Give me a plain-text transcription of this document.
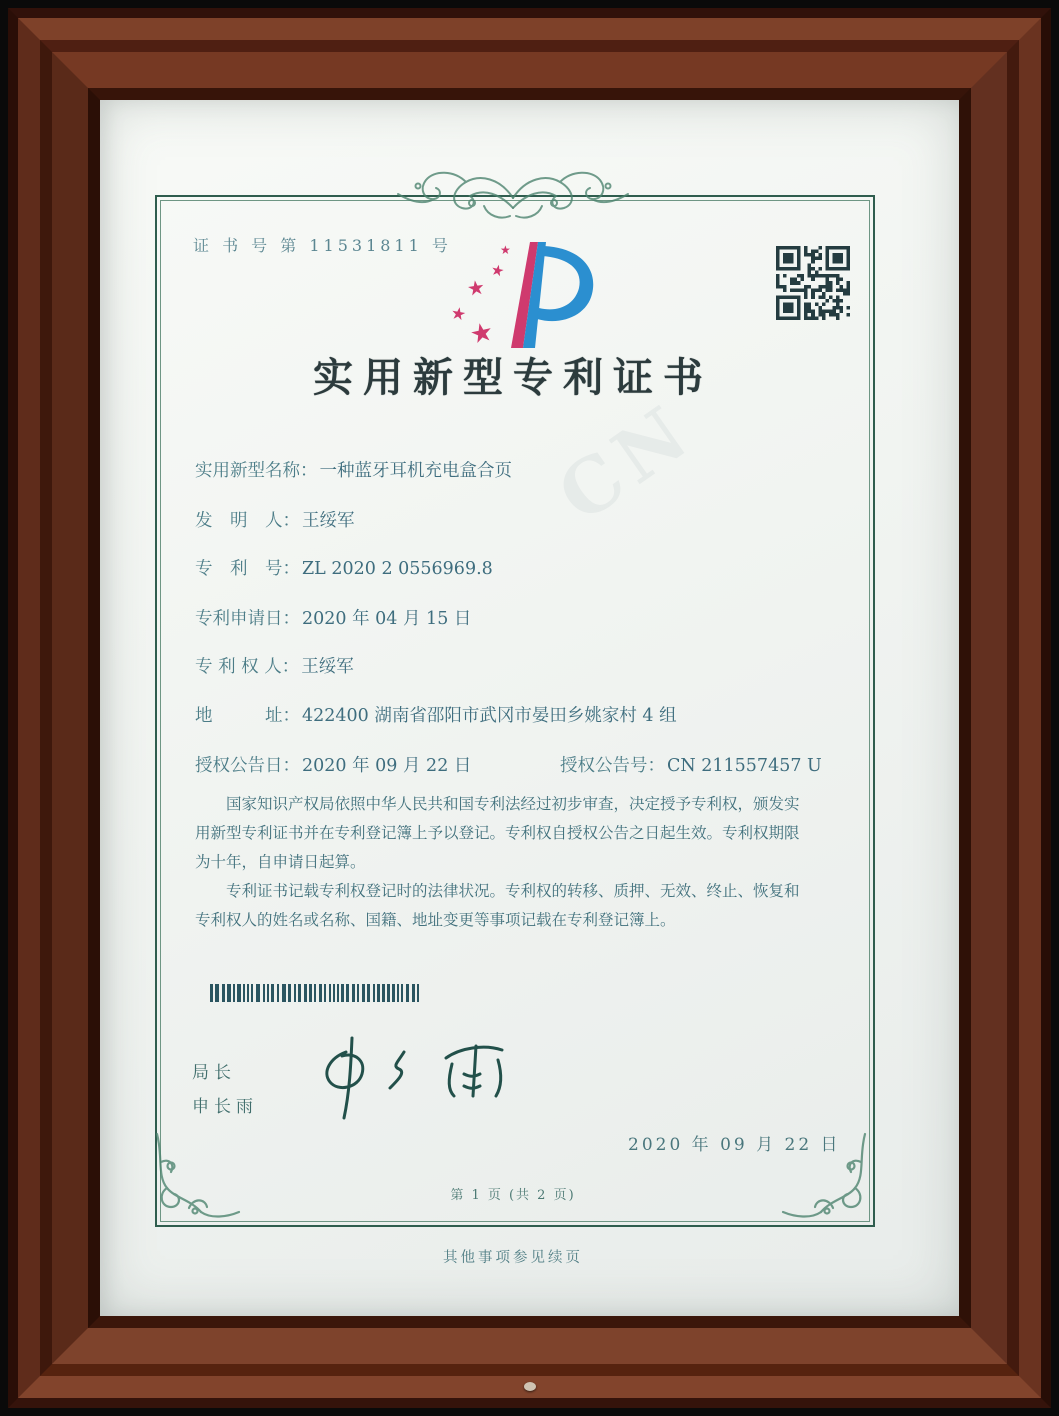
CN
证 书 号 第 11531811 号
★
★
★
★
★
实用新型专利证书
实用新型名称： 一种蓝牙耳机充电盒合页
发　明　人： 王绥军
专　利　号： ZL 2020 2 0556969.8
专利申请日： 2020 年 04 月 15 日
专 利 权 人： 王绥军
地　　　址： 422400 湖南省邵阳市武冈市晏田乡姚家村 4 组
授权公告日： 2020 年 09 月 22 日	授权公告号： CN 211557457 U

国家知识产权局依照中华人民共和国专利法经过初步审查，决定授予专利权，颁发实用新型专利证书并在专利登记簿上予以登记。专利权自授权公告之日起生效。专利权期限为十年，自申请日起算。

专利证书记载专利权登记时的法律状况。专利权的转移、质押、无效、终止、恢复和专利权人的姓名或名称、国籍、地址变更等事项记载在专利登记簿上。

局长
申长雨
2020 年 09 月 22 日
第 1 页 (共 2 页)
其他事项参见续页
